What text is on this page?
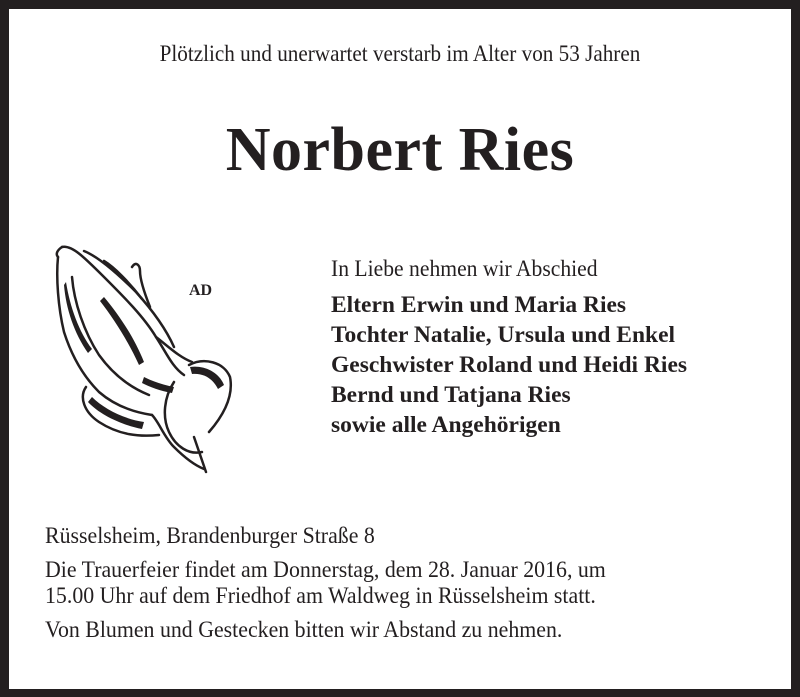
Plötzlich und unerwartet verstarb im Alter von 53 Jahren
Norbert Ries
AD
In Liebe nehmen wir Abschied
Eltern Erwin und Maria Ries
Tochter Natalie, Ursula und Enkel
Geschwister Roland und Heidi Ries
Bernd und Tatjana Ries
sowie alle Angehörigen

Rüsselsheim, Brandenburger Straße 8

Die Trauerfeier findet am Donnerstag, dem 28. Januar 2016, um

15.00 Uhr auf dem Friedhof am Waldweg in Rüsselsheim statt.

Von Blumen und Gestecken bitten wir Abstand zu nehmen.
